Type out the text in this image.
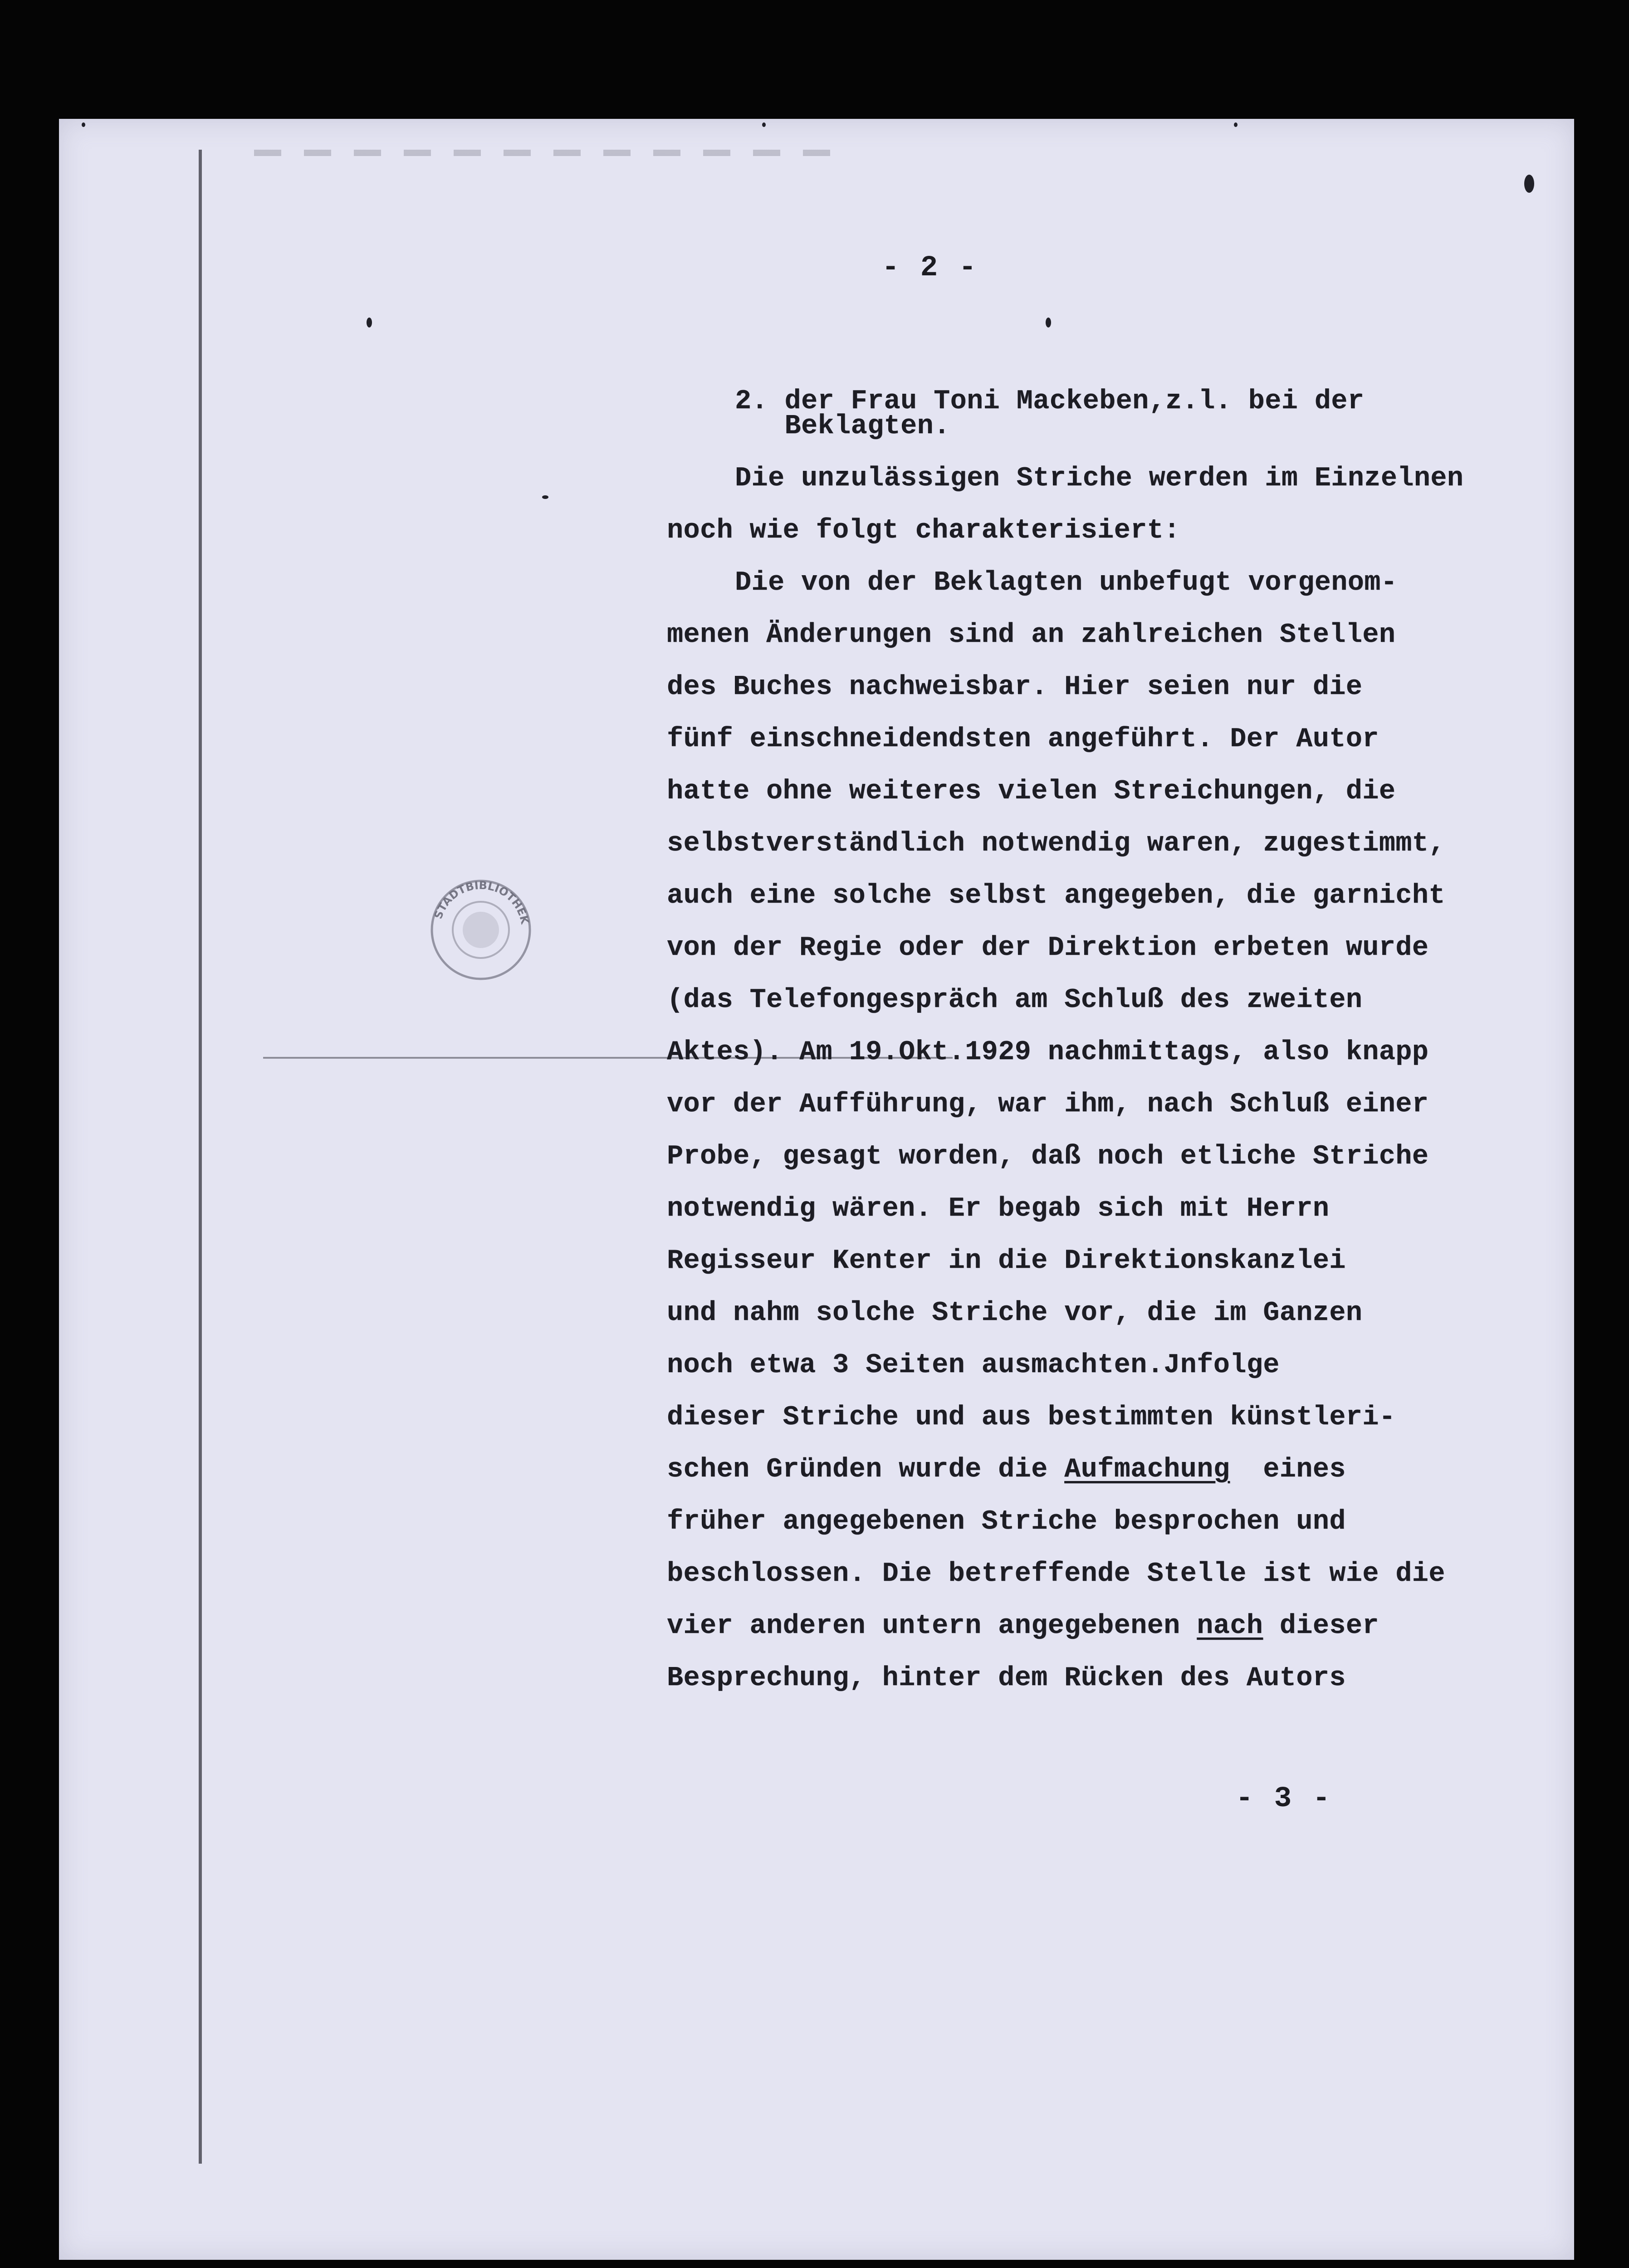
- 2 -
STADTBIBLIOTHEK
2. der Frau Toni Mackeben,z.l. bei der
Beklagten.
Die unzulässigen Striche werden im Einzelnen
noch wie folgt charakterisiert:
Die von der Beklagten unbefugt vorgenom-
menen Änderungen sind an zahlreichen Stellen
des Buches nachweisbar. Hier seien nur die
fünf einschneidendsten angeführt. Der Autor
hatte ohne weiteres vielen Streichungen, die
selbstverständlich notwendig waren, zugestimmt,
auch eine solche selbst angegeben, die garnicht
von der Regie oder der Direktion erbeten wurde
(das Telefongespräch am Schluß des zweiten
Aktes). Am 19.Okt.1929 nachmittags, also knapp
vor der Aufführung, war ihm, nach Schluß einer
Probe, gesagt worden, daß noch etliche Striche
notwendig wären. Er begab sich mit Herrn
Regisseur Kenter in die Direktionskanzlei
und nahm solche Striche vor, die im Ganzen
noch etwa 3 Seiten ausmachten.Jnfolge
dieser Striche und aus bestimmten künstleri-
schen Gründen wurde die Aufmachung  eines
früher angegebenen Striche besprochen und
beschlossen. Die betreffende Stelle ist wie die
vier anderen untern angegebenen nach dieser
Besprechung, hinter dem Rücken des Autors
- 3 -
